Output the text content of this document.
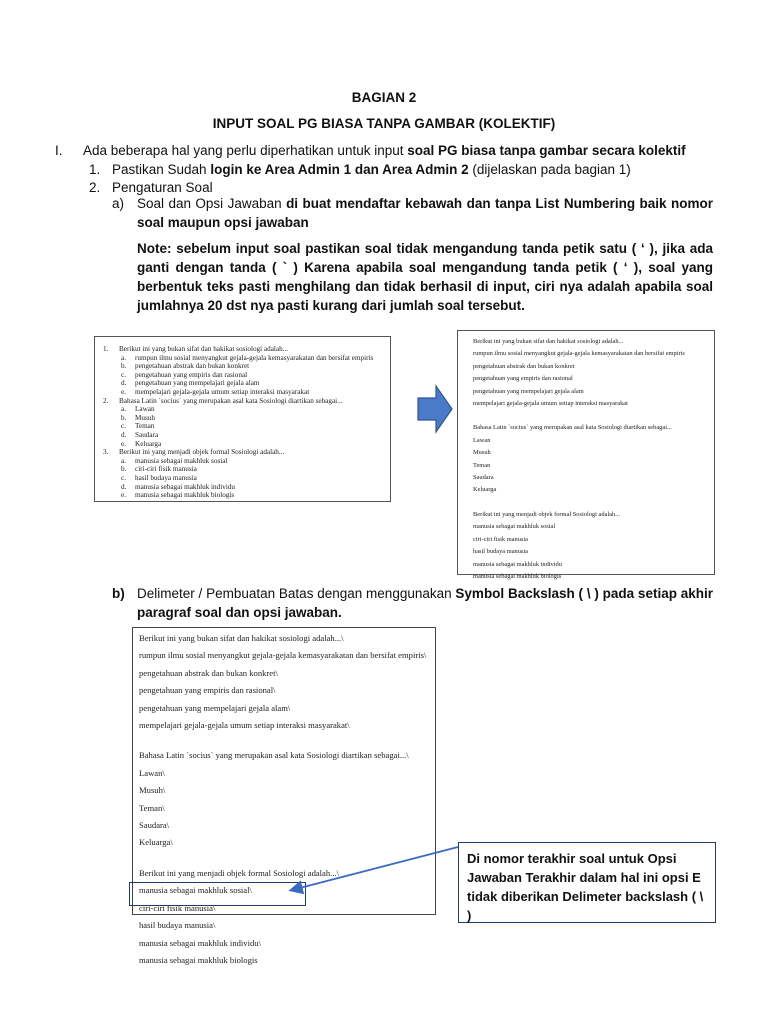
BAGIAN 2
INPUT SOAL PG BIASA TANPA GAMBAR (KOLEKTIF)
I. Ada beberapa hal yang perlu diperhatikan untuk input soal PG biasa tanpa gambar secara kolektif
1. Pastikan Sudah login ke Area Admin 1 dan Area Admin 2 (dijelaskan pada bagian 1)
2. Pengaturan Soal
a) Soal dan Opsi Jawaban di buat mendaftar kebawah dan tanpa List Numbering baik nomor soal maupun opsi jawaban
Note: sebelum input soal pastikan soal tidak mengandung tanda petik satu ( ‘ ), jika ada ganti dengan tanda ( ` ) Karena apabila soal mengandung tanda petik ( ‘ ), soal yang berbentuk teks pasti menghilang dan tidak berhasil di input, ciri nya adalah apabila soal jumlahnya 20 dst nya pasti kurang dari jumlah soal tersebut.
1. Berikut ini yang bukan sifat dan hakikat sosiologi adalah...
a. rumpun ilmu sosial menyangkut gejala-gejala kemasyarakatan dan bersifat empiris
b. pengetahuan abstrak dan bukan konkret
c. pengetahuan yang empiris dan rasional
d. pengetahuan yang mempelajari gejala alam
e. mempelajari gejala-gejala umum setiap interaksi masyarakat
2. Bahasa Latin `socius` yang merupakan asal kata Sosiologi diartikan sebagai...
a. Lawan
b. Musuh
c. Teman
d. Saudara
e. Keluarga
3. Berikut ini yang menjadi objek formal Sosiologi adalah...
a. manusia sebagai makhluk sosial
b. ciri-ciri fisik manusia
c. hasil budaya manusia
d. manusia sebagai makhluk individu
e. manusia sebagai makhluk biologis
Berikut ini yang bukan sifat dan hakikat sosiologi adalah...
rumpun ilmu sosial menyangkut gejala-gejala kemasyarakatan dan bersifat empiris
pengetahuan abstrak dan bukan konkret
pengetahuan yang empiris dan rasional
pengetahuan yang mempelajari gejala alam
mempelajari gejala-gejala umum setiap interaksi masyarakat
Bahasa Latin `socius` yang merupakan asal kata Sosiologi diartikan sebagai...
Lawan
Musuh
Teman
Saudara
Keluarga
Berikut ini yang menjadi objek formal Sosiologi adalah...
manusia sebagai makhluk sosial
ciri-ciri fisik manusia
hasil budaya manusia
manusia sebagai makhluk individu
manusia sebagai makhluk biologis
b) Delimeter / Pembuatan Batas dengan menggunakan Symbol Backslash ( \ ) pada setiap akhir paragraf soal dan opsi jawaban.
Berikut ini yang bukan sifat dan hakikat sosiologi adalah...\
rumpun ilmu sosial menyangkut gejala-gejala kemasyarakatan dan bersifat empiris\
pengetahuan abstrak dan bukan konkret\
pengetahuan yang empiris dan rasional\
pengetahuan yang mempelajari gejala alam\
mempelajari gejala-gejala umum setiap interaksi masyarakat\
Bahasa Latin `socius` yang merupakan asal kata Sosiologi diartikan sebagai...\
Lawan\
Musuh\
Teman\
Saudara\
Keluarga\
Berikut ini yang menjadi objek formal Sosiologi adalah...\
manusia sebagai makhluk sosial\
ciri-ciri fisik manusia\
hasil budaya manusia\
manusia sebagai makhluk individu\
manusia sebagai makhluk biologis
Di nomor terakhir soal untuk Opsi Jawaban Terakhir dalam hal ini opsi E tidak diberikan Delimeter backslash ( \ )
